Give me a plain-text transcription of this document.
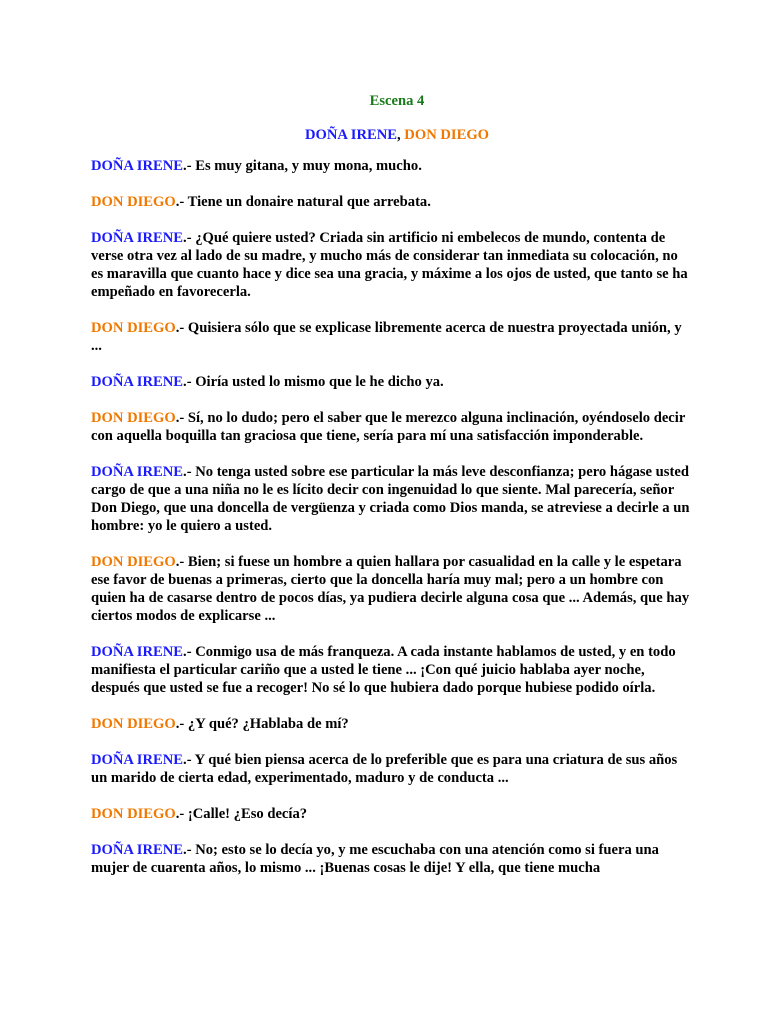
Escena 4

DOÑA IRENE, DON DIEGO

DOÑA IRENE.- Es muy gitana, y muy mona, mucho.

DON DIEGO.- Tiene un donaire natural que arrebata.

DOÑA IRENE.- ¿Qué quiere usted? Criada sin artificio ni embelecos de mundo, contenta de verse otra vez al lado de su madre, y mucho más de considerar tan inmediata su colocación, no es maravilla que cuanto hace y dice sea una gracia, y máxime a los ojos de usted, que tanto se ha empeñado en favorecerla.

DON DIEGO.- Quisiera sólo que se explicase libremente acerca de nuestra proyectada unión, y ...

DOÑA IRENE.- Oiría usted lo mismo que le he dicho ya.

DON DIEGO.- Sí, no lo dudo; pero el saber que le merezco alguna inclinación, oyéndoselo decir con aquella boquilla tan graciosa que tiene, sería para mí una satisfacción imponderable.

DOÑA IRENE.- No tenga usted sobre ese particular la más leve desconfianza; pero hágase usted cargo de que a una niña no le es lícito decir con ingenuidad lo que siente. Mal parecería, señor Don Diego, que una doncella de vergüenza y criada como Dios manda, se atreviese a decirle a un hombre: yo le quiero a usted.

DON DIEGO.- Bien; si fuese un hombre a quien hallara por casualidad en la calle y le espetara ese favor de buenas a primeras, cierto que la doncella haría muy mal; pero a un hombre con quien ha de casarse dentro de pocos días, ya pudiera decirle alguna cosa que ... Además, que hay ciertos modos de explicarse ...

DOÑA IRENE.- Conmigo usa de más franqueza. A cada instante hablamos de usted, y en todo manifiesta el particular cariño que a usted le tiene ... ¡Con qué juicio hablaba ayer noche, después que usted se fue a recoger! No sé lo que hubiera dado porque hubiese podido oírla.

DON DIEGO.- ¿Y qué? ¿Hablaba de mí?

DOÑA IRENE.- Y qué bien piensa acerca de lo preferible que es para una criatura de sus años un marido de cierta edad, experimentado, maduro y de conducta ...

DON DIEGO.- ¡Calle! ¿Eso decía?

DOÑA IRENE.- No; esto se lo decía yo, y me escuchaba con una atención como si fuera una mujer de cuarenta años, lo mismo ... ¡Buenas cosas le dije! Y ella, que tiene mucha
